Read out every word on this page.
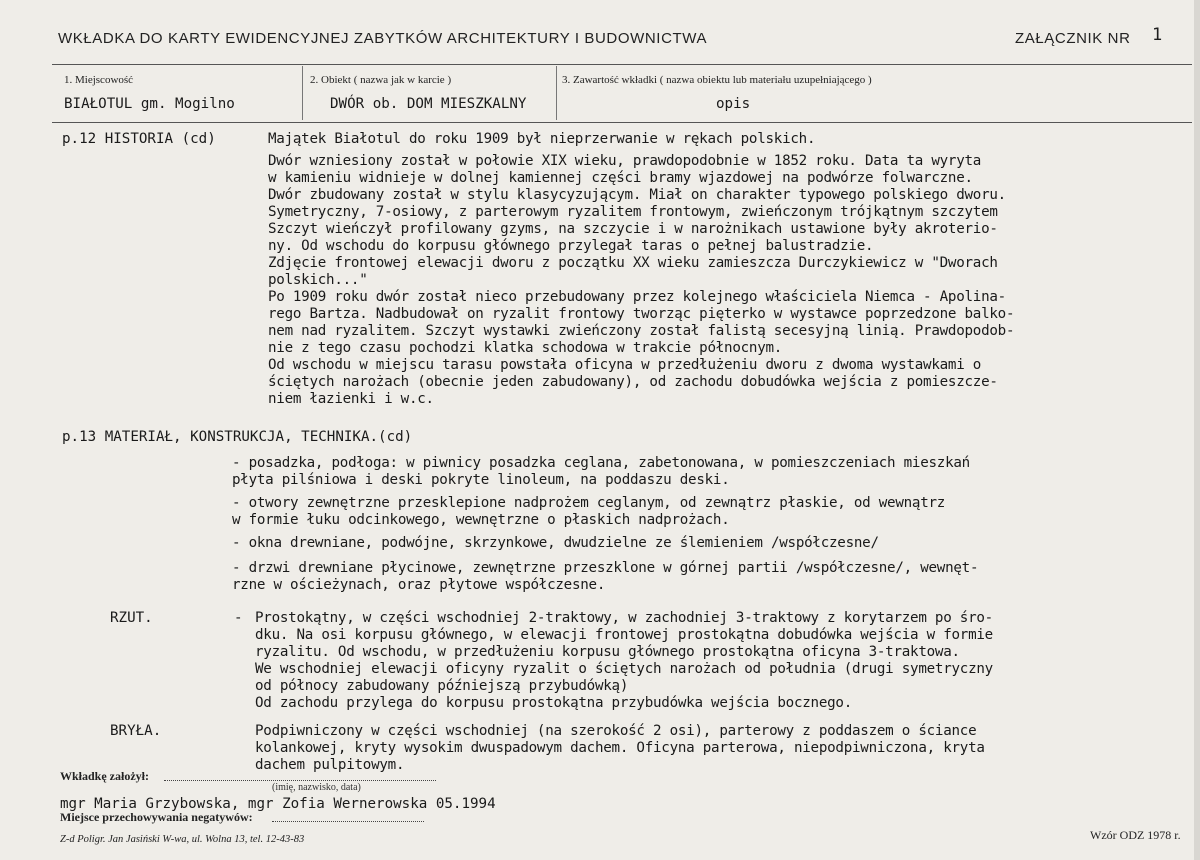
WKŁADKA DO KARTY EWIDENCYJNEJ ZABYTKÓW ARCHITEKTURY I BUDOWNICTWA	ZAŁĄCZNIK NR 1
1. Miejscowość
BIAŁOTUL gm. Mogilno
2. Obiekt ( nazwa jak w karcie )
DWÓR ob. DOM MIESZKALNY
3. Zawartość wkładki ( nazwa obiektu lub materiału uzupełniającego )
opis
p.12 HISTORIA (cd)	Majątek Białotul do roku 1909 był nieprzerwanie w rękach polskich.
Dwór wzniesiony został w połowie XIX wieku, prawdopodobnie w 1852 roku. Data ta wyryta
w kamieniu widnieje w dolnej kamiennej części bramy wjazdowej na podwórze folwarczne.
Dwór zbudowany został w stylu klasycyzującym. Miał on charakter typowego polskiego dworu.
Symetryczny, 7-osiowy, z parterowym ryzalitem frontowym, zwieńczonym trójkątnym szczytem
Szczyt wieńczył profilowany gzyms, na szczycie i w narożnikach ustawione były akroterio-
ny. Od wschodu do korpusu głównego przylegał taras o pełnej balustradzie.
Zdjęcie frontowej elewacji dworu z początku XX wieku zamieszcza Durczykiewicz w "Dworach
polskich..."
Po 1909 roku dwór został nieco przebudowany przez kolejnego właściciela Niemca - Apolina-
rego Bartza. Nadbudował on ryzalit frontowy tworząc pięterko w wystawce poprzedzone balko-
nem nad ryzalitem. Szczyt wystawki zwieńczony został falistą secesyjną linią. Prawdopodob-
nie z tego czasu pochodzi klatka schodowa w trakcie północnym.
Od wschodu w miejscu tarasu powstała oficyna w przedłużeniu dworu z dwoma wystawkami o
ściętych narożach (obecnie jeden zabudowany), od zachodu dobudówka wejścia z pomieszcze-
niem łazienki i w.c.
p.13 MATERIAŁ, KONSTRUKCJA, TECHNIKA.(cd)
- posadzka, podłoga: w piwnicy posadzka ceglana, zabetonowana, w pomieszczeniach mieszkań
płyta pilśniowa i deski pokryte linoleum, na poddaszu deski.
- otwory zewnętrzne przesklepione nadprożem ceglanym, od zewnątrz płaskie, od wewnątrz
w formie łuku odcinkowego, wewnętrzne o płaskich nadprożach.
- okna drewniane, podwójne, skrzynkowe, dwudzielne ze ślemieniem /współczesne/
- drzwi drewniane płycinowe, zewnętrzne przeszklone w górnej partii /współczesne/, wewnęt-
rzne w ościeżynach, oraz płytowe współczesne.
RZUT.	- Prostokątny, w części wschodniej 2-traktowy, w zachodniej 3-traktowy z korytarzem po śro-
dku. Na osi korpusu głównego, w elewacji frontowej prostokątna dobudówka wejścia w formie
ryzalitu. Od wschodu, w przedłużeniu korpusu głównego prostokątna oficyna 3-traktowa.
We wschodniej elewacji oficyny ryzalit o ściętych narożach od południa (drugi symetryczny
od północy zabudowany późniejszą przybudówką)
Od zachodu przylega do korpusu prostokątna przybudówka wejścia bocznego.
BRYŁA.	Podpiwniczony w części wschodniej (na szerokość 2 osi), parterowy z poddaszem o ściance
kolankowej, kryty wysokim dwuspadowym dachem. Oficyna parterowa, niepodpiwniczona, kryta
dachem pulpitowym.
Wkładkę założył:
(imię, nazwisko, data)
mgr Maria Grzybowska, mgr Zofia Wernerowska 05.1994
Miejsce przechowywania negatywów:
Z-d Poligr. Jan Jasiński W-wa, ul. Wolna 13, tel. 12-43-83	Wzór ODZ 1978 r.
